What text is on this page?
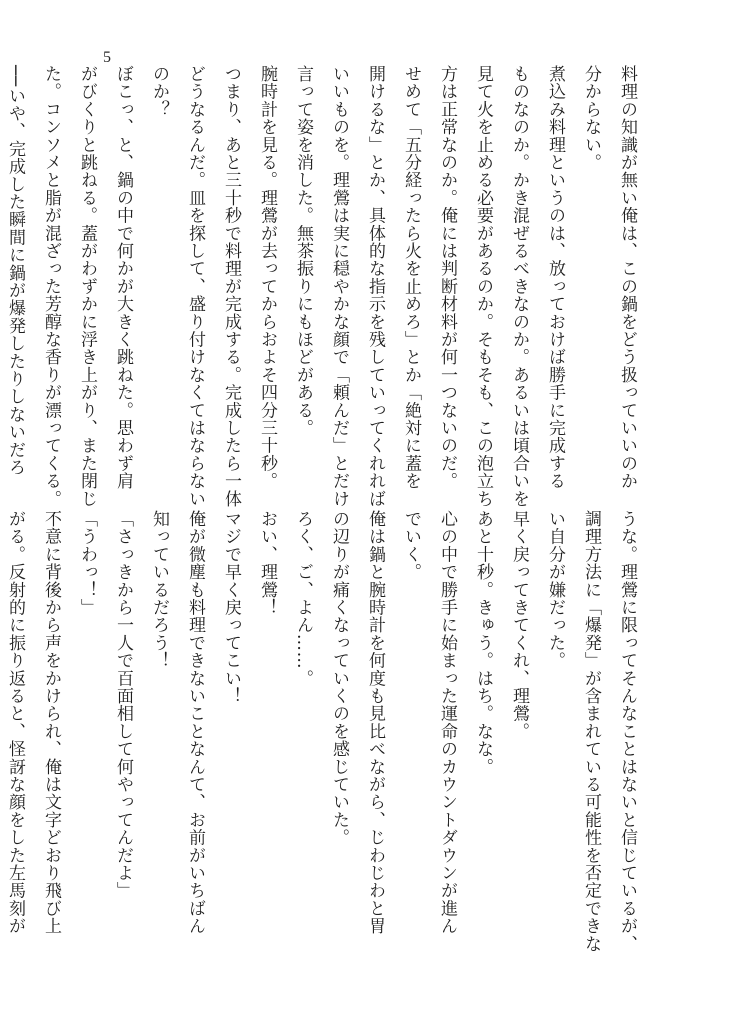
5
料理の知識が無い俺は、この鍋をどう扱っていいのか
分からない。
煮込み料理というのは、放っておけば勝手に完成する
ものなのか。かき混ぜるべきなのか。あるいは頃合いを
見て火を止める必要があるのか。そもそも、この泡立ち
方は正常なのか。俺には判断材料が何一つないのだ。
せめて「五分経ったら火を止めろ」とか「絶対に蓋を
開けるな」とか、具体的な指示を残していってくれれば
いいものを。理鶯は実に穏やかな顔で「頼んだ」とだけ
言って姿を消した。無茶振りにもほどがある。
腕時計を見る。理鶯が去ってからおよそ四分三十秒。
つまり、あと三十秒で料理が完成する。完成したら一体
どうなるんだ。皿を探して、盛り付けなくてはならない
のか？
ぼこっ、と、鍋の中で何かが大きく跳ねた。思わず肩
がびくりと跳ねる。蓋がわずかに浮き上がり、また閉じ
た。コンソメと脂が混ざった芳醇な香りが漂ってくる。
──いや、完成した瞬間に鍋が爆発したりしないだろ
うな。理鶯に限ってそんなことはないと信じているが、
調理方法に「爆発」が含まれている可能性を否定できな
い自分が嫌だった。
早く戻ってきてくれ、理鶯。
あと十秒。きゅう。はち。なな。
心の中で勝手に始まった運命のカウントダウンが進ん
でいく。
俺は鍋と腕時計を何度も見比べながら、じわじわと胃
の辺りが痛くなっていくのを感じていた。
ろく、ご、よん……。
おい、理鶯！
マジで早く戻ってこい！
俺が微塵も料理できないことなんて、お前がいちばん
知っているだろう！
「さっきから一人で百面相して何やってんだよ」
「うわっ！」
不意に背後から声をかけられ、俺は文字どおり飛び上
がる。反射的に振り返ると、怪訝な顔をした左馬刻が
